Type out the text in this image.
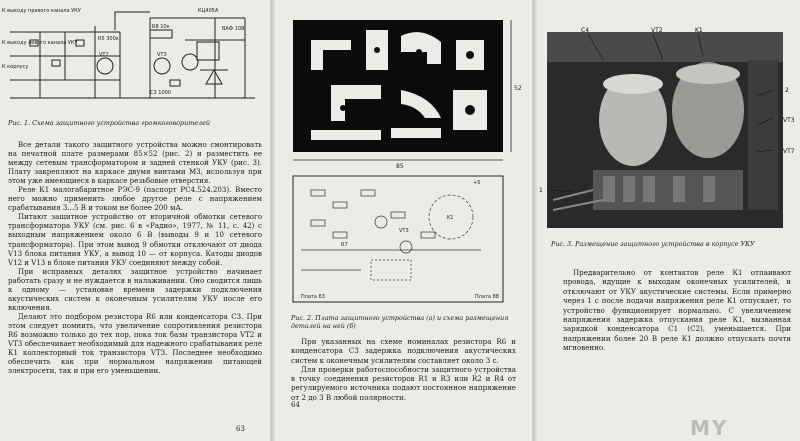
К выходу правого канала УКУ
К выходу левого канала УКУ
К корпусу
R5 300к
VT2	VT3
R8 10к
C3 1000
КЦ405А
ВАФ 10В
Рис. 1. Схема защитного устройства громкоговорителей

Все детали такого защитного устройства можно смонтировать на печатной плате размерами 85×52 (рис. 2) и разместить ее между сетевым трансформатором и задней стенкой УКУ (рис. 3). Плату закрепляют на каркасе двумя винтами М3, используя при этом уже имеющиеся в каркасе резьбовые отверстия.

Реле К1 малогабаритное РЭС-9 (паспорт РС4.524.203). Вместо него можно применить любое другое реле с напряжением срабатывания 3...5 В и током не более 200 мА.

Питают защитное устройство от вторичной обмотки сетевого трансформатора УКУ (см. рис. 6 в «Радио», 1977, № 11, с. 42) с выходным напряжением около 6 В (выводы 9 и 10 сетевого трансформатора). При этом вывод 9 обмотки отключают от диода V13 блока питания УКУ, а вывод 10 — от корпуса. Катоды диодов V12 и V13 в блоке питания УКУ соединяют между собой.

При исправных деталях защитное устройство начинает работать сразу и не нуждается в налаживании. Оно сводится лишь к одному — установке времени задержки подключения акустических систем к оконечным усилителям УКУ после его включения.

Делают это подбором резистора R6 или конденсатора C3. При этом следует помнить, что увеличение сопротивления резистора R6 возможно только до тех пор, пока ток базы транзистора VT2 и VT3 обеспечивает необходимый для надежного срабатывания реле К1 коллекторный ток транзистора VT3. Последнее необходимо обеспечить как при нормальном напряжении питающей электросети, так и при его уменьшении.

63
85
52
+5
K1
VT3
R7
Плата 63	Плата 88
Рис. 2. Плата защитного устройства (а) и схема размещения деталей на ней (б)

При указанных на схеме номиналах резистора R6 и конденсатора C3 задержка подключения акустических систем к оконечным усилителям составляет около 3 с.

Для проверки работоспособности защитного устройства в точку соединения резисторов R1 и R3 или R2 и R4 от регулируемого источника подают постоянное напряжение от 2 до 3 В любой полярности.

64
C4	VT2	K1
2
VT3
VT7
1
Рис. 3. Размещение защитного устройства в корпусе УКУ

Предварительно от контактов реле К1 отпаивают провода, идущие к выходам оконечных усилителей, и отключают от УКУ акустические системы. Если примерно через 1 с после подачи напряжения реле К1 отпускает, то устройство функционирует нормально. С увеличением напряжения задержка отпускания реле К1, вызванная зарядкой конденсатора C1 (C2), уменьшается. При напряжении более 20 В реле К1 должно отпускать почти мгновенно.

MY
